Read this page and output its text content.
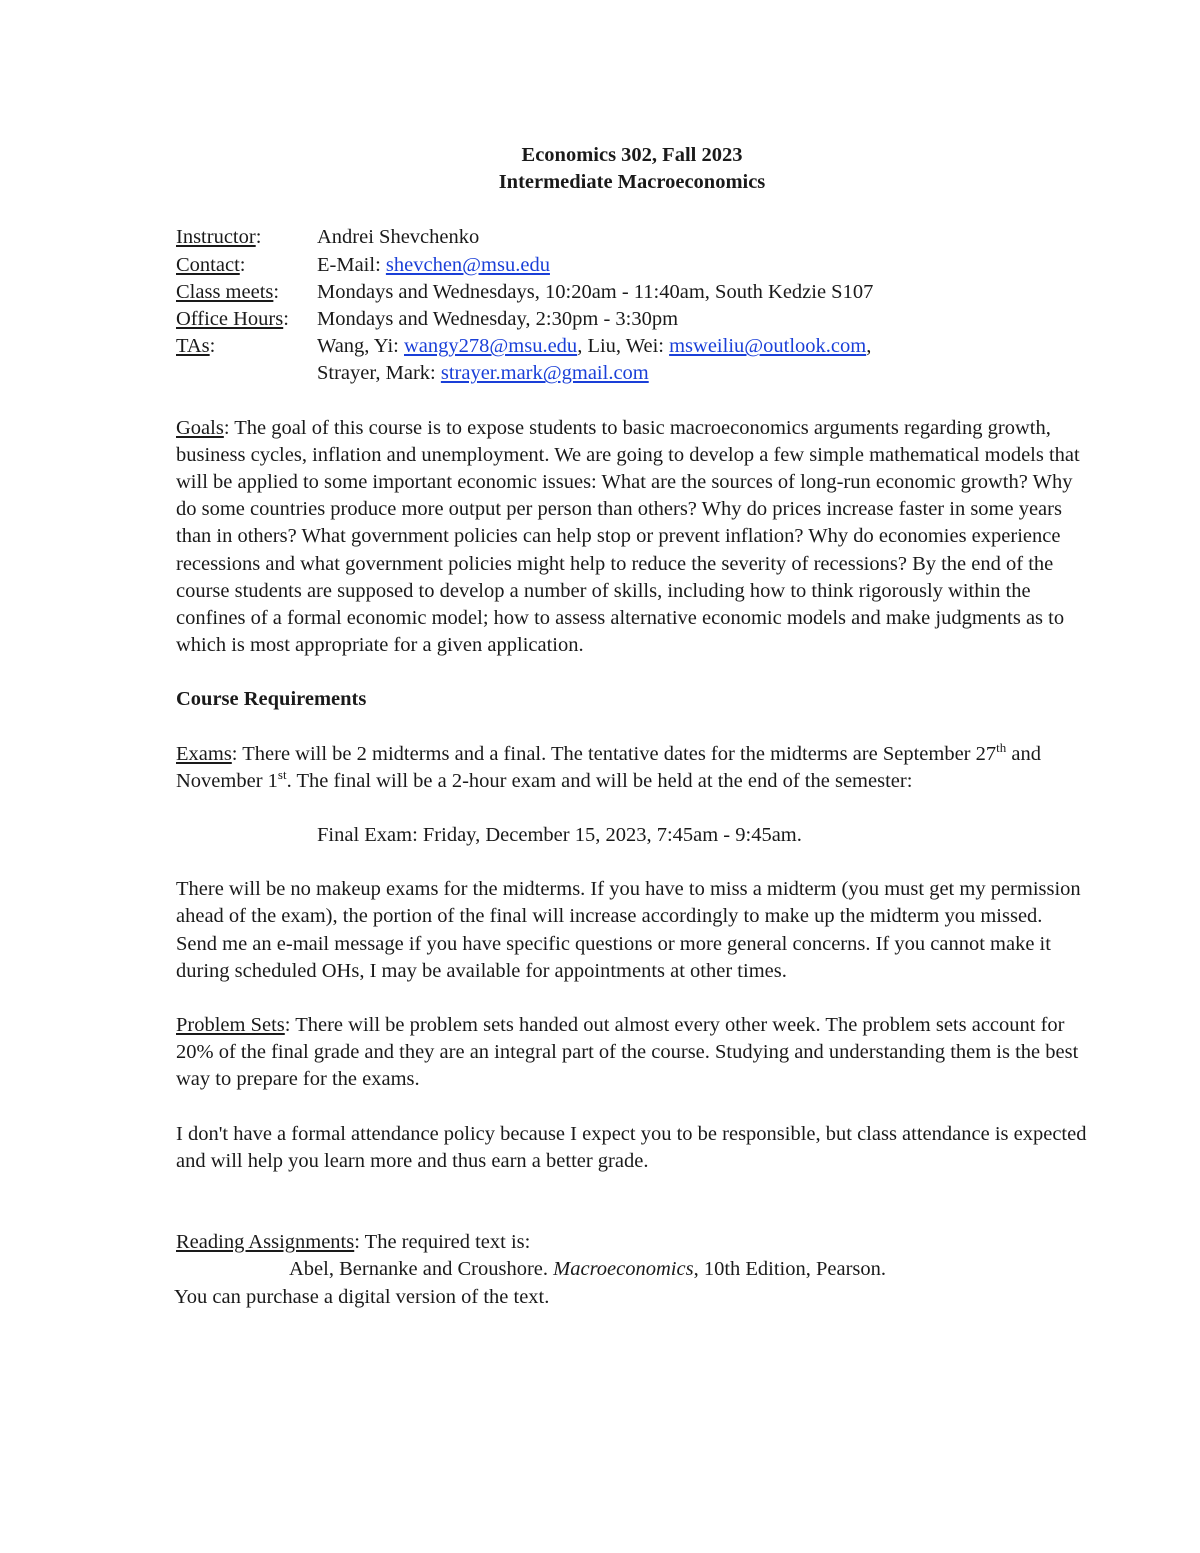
Economics 302, Fall 2023
Intermediate Macroeconomics
Instructor:	Andrei Shevchenko
Contact:	E-Mail: shevchen@msu.edu
Class meets:	Mondays and Wednesdays, 10:20am - 11:40am, South Kedzie S107
Office Hours:	Mondays and Wednesday, 2:30pm - 3:30pm
TAs:	Wang, Yi: wangy278@msu.edu, Liu, Wei: msweiliu@outlook.com,
Strayer, Mark: strayer.mark@gmail.com

Goals: The goal of this course is to expose students to basic macroeconomics arguments regarding growth, business cycles, inflation and unemployment. We are going to develop a few simple mathematical models that will be applied to some important economic issues: What are the sources of long-run economic growth? Why do some countries produce more output per person than others? Why do prices increase faster in some years than in others? What government policies can help stop or prevent inflation? Why do economies experience recessions and what government policies might help to reduce the severity of recessions? By the end of the course students are supposed to develop a number of skills, including how to think rigorously within the confines of a formal economic model; how to assess alternative economic models and make judgments as to which is most appropriate for a given application.

Course Requirements

Exams: There will be 2 midterms and a final. The tentative dates for the midterms are September 27th and November 1st. The final will be a 2-hour exam and will be held at the end of the semester:

Final Exam: Friday, December 15, 2023, 7:45am - 9:45am.

There will be no makeup exams for the midterms. If you have to miss a midterm (you must get my permission ahead of the exam), the portion of the final will increase accordingly to make up the midterm you missed. Send me an e-mail message if you have specific questions or more general concerns. If you cannot make it during scheduled OHs, I may be available for appointments at other times.

Problem Sets: There will be problem sets handed out almost every other week. The problem sets account for 20% of the final grade and they are an integral part of the course. Studying and understanding them is the best way to prepare for the exams.

I don't have a formal attendance policy because I expect you to be responsible, but class attendance is expected and will help you learn more and thus earn a better grade.

Reading Assignments: The required text is:
Abel, Bernanke and Croushore. Macroeconomics, 10th Edition, Pearson.
You can purchase a digital version of the text.
